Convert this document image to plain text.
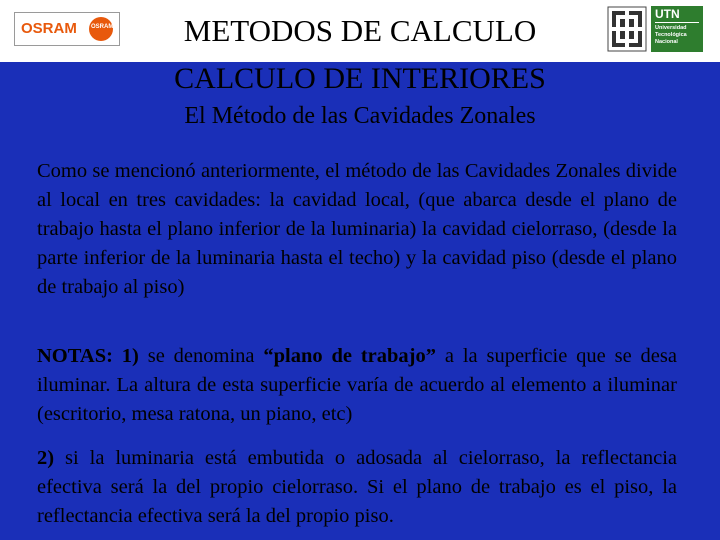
OSRAM OSRAM	METODOS DE CALCULO	UTN
Universidad
Tecnológica
Nacional
CALCULO DE INTERIORES
El Método de las Cavidades Zonales
Como se mencionó anteriormente, el método de las Cavidades Zonales divide al local en tres cavidades: la cavidad local, (que abarca desde el plano de trabajo hasta el plano inferior de la luminaria) la cavidad cielorraso, (desde la parte inferior de la luminaria hasta el techo) y la cavidad piso (desde el plano de trabajo al piso)
NOTAS: 1) se denomina “plano de trabajo” a la superficie que se desa iluminar. La altura de esta superficie varía de acuerdo al elemento a iluminar (escritorio, mesa ratona, un piano, etc)
2) si la luminaria está embutida o adosada al cielorraso, la reflectancia efectiva será la del propio cielorraso. Si el plano de trabajo es el piso, la reflectancia efectiva será la del propio piso.
